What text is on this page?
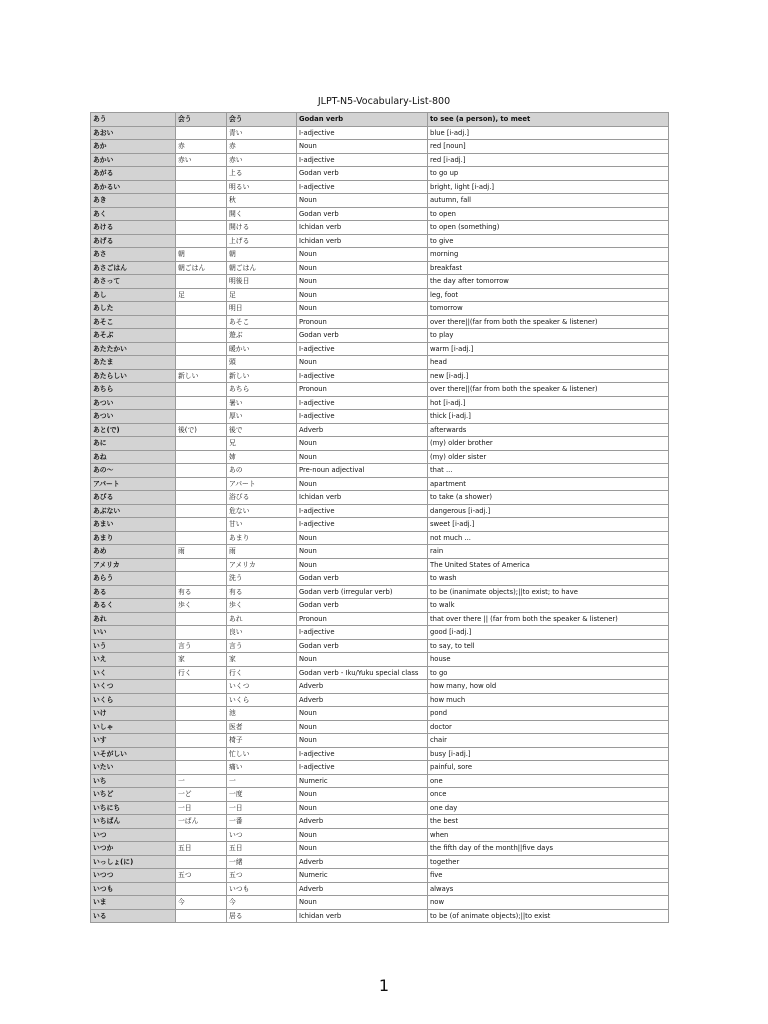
JLPT-N5-Vocabulary-List-800
あう	会う	会う	Godan verb	to see (a person), to meet
あおい		青い	I-adjective	blue [i-adj.]
あか	赤	赤	Noun	red [noun]
あかい	赤い	赤い	I-adjective	red [i-adj.]
あがる		上る	Godan verb	to go up
あかるい		明るい	I-adjective	bright, light [i-adj.]
あき		秋	Noun	autumn, fall
あく		開く	Godan verb	to open
あける		開ける	Ichidan verb	to open (something)
あげる		上げる	Ichidan verb	to give
あさ	朝	朝	Noun	morning
あさごはん	朝ごはん	朝ごはん	Noun	breakfast
あさって		明後日	Noun	the day after tomorrow
あし	足	足	Noun	leg, foot
あした		明日	Noun	tomorrow
あそこ		あそこ	Pronoun	over there||(far from both the speaker & listener)
あそぶ		遊ぶ	Godan verb	to play
あたたかい		暖かい	I-adjective	warm [i-adj.]
あたま		頭	Noun	head
あたらしい	新しい	新しい	I-adjective	new [i-adj.]
あちら		あちら	Pronoun	over there||(far from both the speaker & listener)
あつい		暑い	I-adjective	hot [i-adj.]
あつい		厚い	I-adjective	thick [i-adj.]
あと(で)	後(で)	後で	Adverb	afterwards
あに		兄	Noun	(my) older brother
あね		姉	Noun	(my) older sister
あの～		あの	Pre-noun adjectival	that ...
アパート		アパート	Noun	apartment
あびる		浴びる	Ichidan verb	to take (a shower)
あぶない		危ない	I-adjective	dangerous [i-adj.]
あまい		甘い	I-adjective	sweet [i-adj.]
あまり		あまり	Noun	not much ...
あめ	雨	雨	Noun	rain
アメリカ		アメリカ	Noun	The United States of America
あらう		洗う	Godan verb	to wash
ある	有る	有る	Godan verb (irregular verb)	to be (inanimate objects);||to exist; to have
あるく	歩く	歩く	Godan verb	to walk
あれ		あれ	Pronoun	that over there || (far from both the speaker & listener)
いい		良い	I-adjective	good [i-adj.]
いう	言う	言う	Godan verb	to say, to tell
いえ	家	家	Noun	house
いく	行く	行く	Godan verb - Iku/Yuku special class	to go
いくつ		いくつ	Adverb	how many, how old
いくら		いくら	Adverb	how much
いけ		池	Noun	pond
いしゃ		医者	Noun	doctor
いす		椅子	Noun	chair
いそがしい		忙しい	I-adjective	busy [i-adj.]
いたい		痛い	I-adjective	painful, sore
いち	一	一	Numeric	one
いちど	一ど	一度	Noun	once
いちにち	一日	一日	Noun	one day
いちばん	一ばん	一番	Adverb	the best
いつ		いつ	Noun	when
いつか	五日	五日	Noun	the fifth day of the month||five days
いっしょ(に)		一緒	Adverb	together
いつつ	五つ	五つ	Numeric	five
いつも		いつも	Adverb	always
いま	今	今	Noun	now
いる		居る	Ichidan verb	to be (of animate objects);||to exist
1
